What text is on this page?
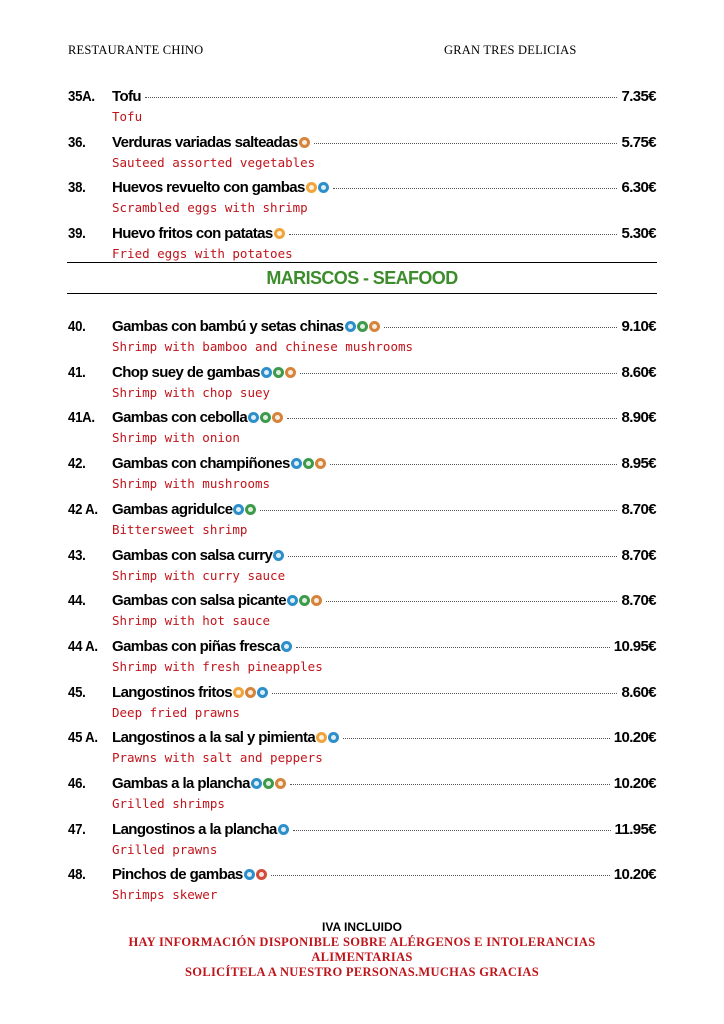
RESTAURANTE CHINO	GRAN TRES DELICIAS
35A. Tofu	7.35€
Tofu
36. Verduras variadas salteadas	5.75€
Sauteed assorted vegetables
38. Huevos revuelto con gambas	6.30€
Scrambled eggs with shrimp
39. Huevo fritos con patatas	5.30€
Fried eggs with potatoes
MARISCOS - SEAFOOD
40. Gambas con bambú y setas chinas	9.10€
Shrimp with bamboo and chinese mushrooms
41. Chop suey de gambas	8.60€
Shrimp with chop suey
41A. Gambas con cebolla	8.90€
Shrimp with onion
42. Gambas con champiñones	8.95€
Shrimp with mushrooms
42 A. Gambas agridulce	8.70€
Bittersweet shrimp
43. Gambas con salsa curry	8.70€
Shrimp with curry sauce
44. Gambas con salsa picante	8.70€
Shrimp with hot sauce
44 A. Gambas con piñas fresca	10.95€
Shrimp with fresh pineapples
45. Langostinos fritos	8.60€
Deep fried prawns
45 A. Langostinos a la sal y pimienta	10.20€
Prawns with salt and peppers
46. Gambas a la plancha	10.20€
Grilled shrimps
47. Langostinos a la plancha	11.95€
Grilled prawns
48. Pinchos de gambas	10.20€
Shrimps skewer
IVA INCLUIDO
HAY INFORMACIÓN DISPONIBLE SOBRE ALÉRGENOS E INTOLERANCIAS
ALIMENTARIAS
SOLICÍTELA A NUESTRO PERSONAS.MUCHAS GRACIAS
